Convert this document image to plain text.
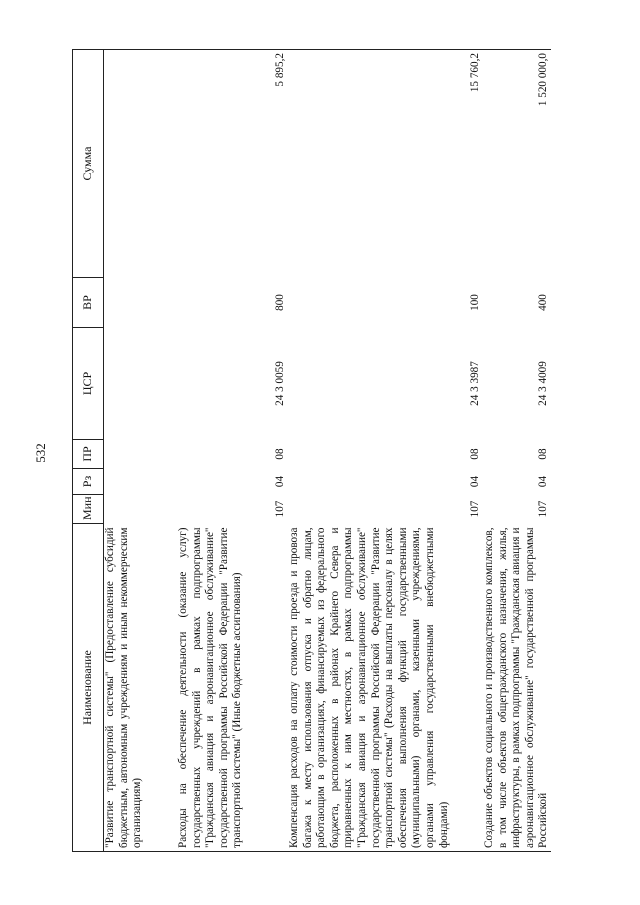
532
Наименование	Мин	Рз	ПР	ЦСР	ВР	Сумма
"Развитие транспортной системы" (Предоставление субсидий бюджетным, автономным учреждениям и иным некоммерческим организациям)						
Расходы на обеспечение деятельности (оказание услуг) государственных учреждений в рамках подпрограммы "Гражданская авиация и аэронавигационное обслуживание" государственной программы Российской Федерации "Развитие транспортной системы" (Иные бюджетные ассигнования)	107	04	08	24 3 0059	800	5 895,2
Компенсация расходов на оплату стоимости проезда и провоза багажа к месту использования отпуска и обратно лицам, работающим в организациях, финансируемых из федерального бюджета, расположенных в районах Крайнего Севера и приравненных к ним местностях, в рамках подпрограммы "Гражданская авиация и аэронавигационное обслуживание" государственной программы Российской Федерации "Развитие транспортной системы" (Расходы на выплаты персоналу в целях обеспечения выполнения функций государственными (муниципальными) органами, казенными учреждениями, органами управления государственными внебюджетными фондами)	107	04	08	24 3 3987	100	15 760,2
Создание объектов социального и производственного комплексов, в том числе объектов общегражданского назначения, жилья, инфраструктуры, в рамках подпрограммы "Гражданская авиация и аэронавигационное обслуживание" государственной программы Российской	107	04	08	24 3 4009	400	1 520 000,0
